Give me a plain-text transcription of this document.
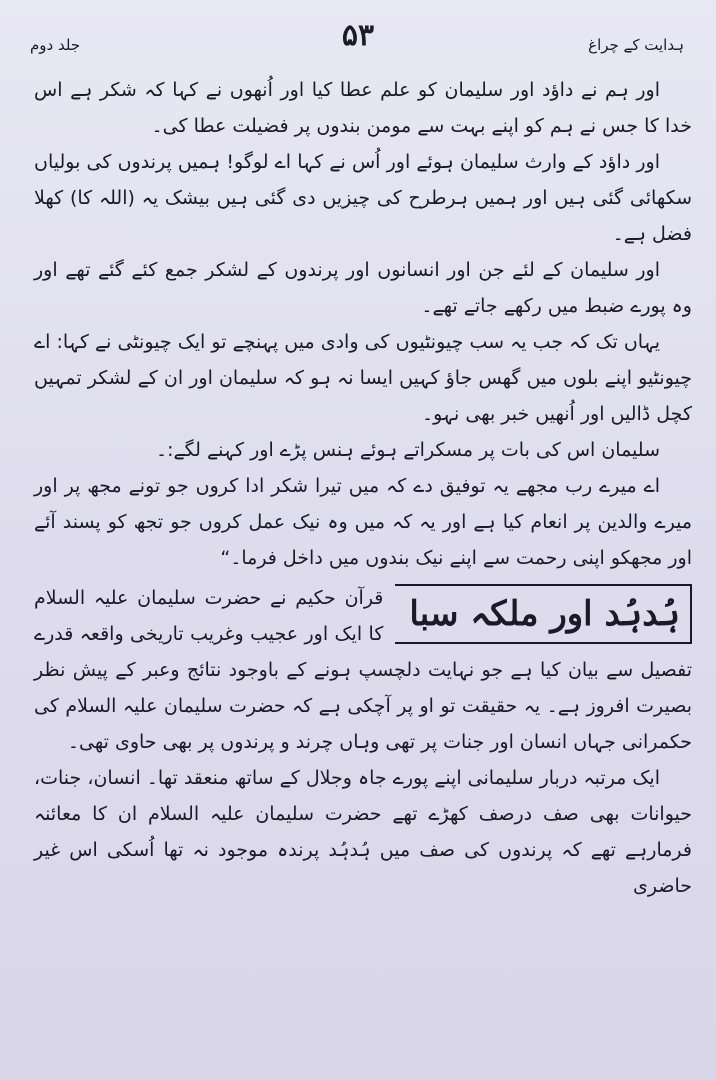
ہدایت کے چراغ
۵۳
جلد دوم

اور ہم نے داؤد اور سلیمان کو علم عطا کیا اور اُنھوں نے کہا کہ شکر ہے اس خدا کا جس نے ہم کو اپنے بہت سے مومن بندوں پر فضیلت عطا کی۔

اور داؤد کے وارث سلیمان ہوئے اور اُس نے کہا اے لوگو! ہمیں پرندوں کی بولیاں سکھائی گئی ہیں اور ہمیں ہرطرح کی چیزیں دی گئی ہیں بیشک یہ (اللہ کا) کھلا فضل ہے۔

اور سلیمان کے لئے جن اور انسانوں اور پرندوں کے لشکر جمع کئے گئے تھے اور وہ پورے ضبط میں رکھے جاتے تھے۔

یہاں تک کہ جب یہ سب چیونٹیوں کی وادی میں پہنچے تو ایک چیونٹی نے کہا: اے چیونٹیو اپنے بلوں میں گھس جاؤ کہیں ایسا نہ ہو کہ سلیمان اور ان کے لشکر تمہیں کچل ڈالیں اور اُنھیں خبر بھی نہو۔

سلیمان اس کی بات پر مسکراتے ہوئے ہنس پڑے اور کہنے لگے:۔

اے میرے رب مجھے یہ توفیق دے کہ میں تیرا شکر ادا کروں جو تونے مجھ پر اور میرے والدین پر انعام کیا ہے اور یہ کہ میں وہ نیک عمل کروں جو تجھ کو پسند آئے اور مجھکو اپنی رحمت سے اپنے نیک بندوں میں داخل فرما۔“

ہُدہُد اور ملکہ سبا

قرآن حکیم نے حضرت سلیمان علیہ السلام کا ایک اور عجیب وغریب تاریخی واقعہ قدرے تفصیل سے بیان کیا ہے جو نہایت دلچسپ ہونے کے باوجود نتائج وعبر کے پیش نظر بصیرت افروز ہے۔ یہ حقیقت تو او پر آچکی ہے کہ حضرت سلیمان علیہ السلام کی حکمرانی جہاں انسان اور جنات پر تھی وہاں چرند و پرندوں پر بھی حاوی تھی۔

ایک مرتبہ دربار سلیمانی اپنے پورے جاہ وجلال کے ساتھ منعقد تھا۔ انسان، جنات، حیوانات بھی صف درصف کھڑے تھے حضرت سلیمان علیہ السلام ان کا معائنہ فرمارہے تھے کہ پرندوں کی صف میں ہُدہُد پرندہ موجود نہ تھا اُسکی اس غیر حاضری
